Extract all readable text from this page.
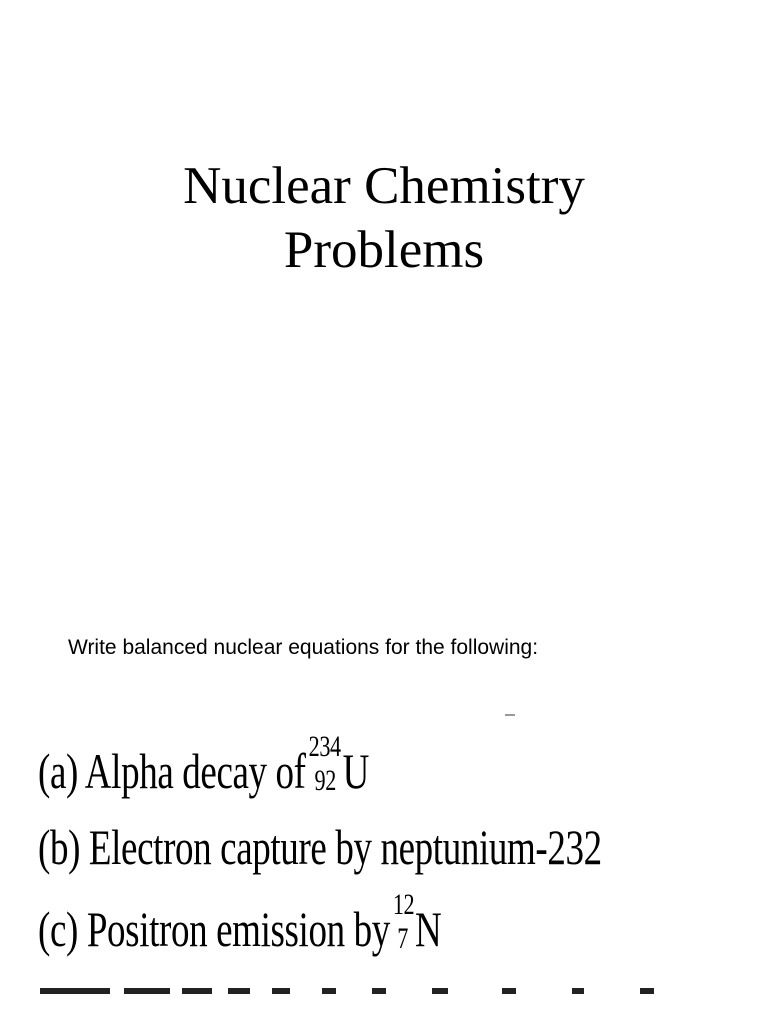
Nuclear Chemistry
Problems
Write balanced nuclear equations for the following:
(a) Alpha decay of 234
92 U
(b) Electron capture by neptunium-232
(c) Positron emission by 12
7 N
